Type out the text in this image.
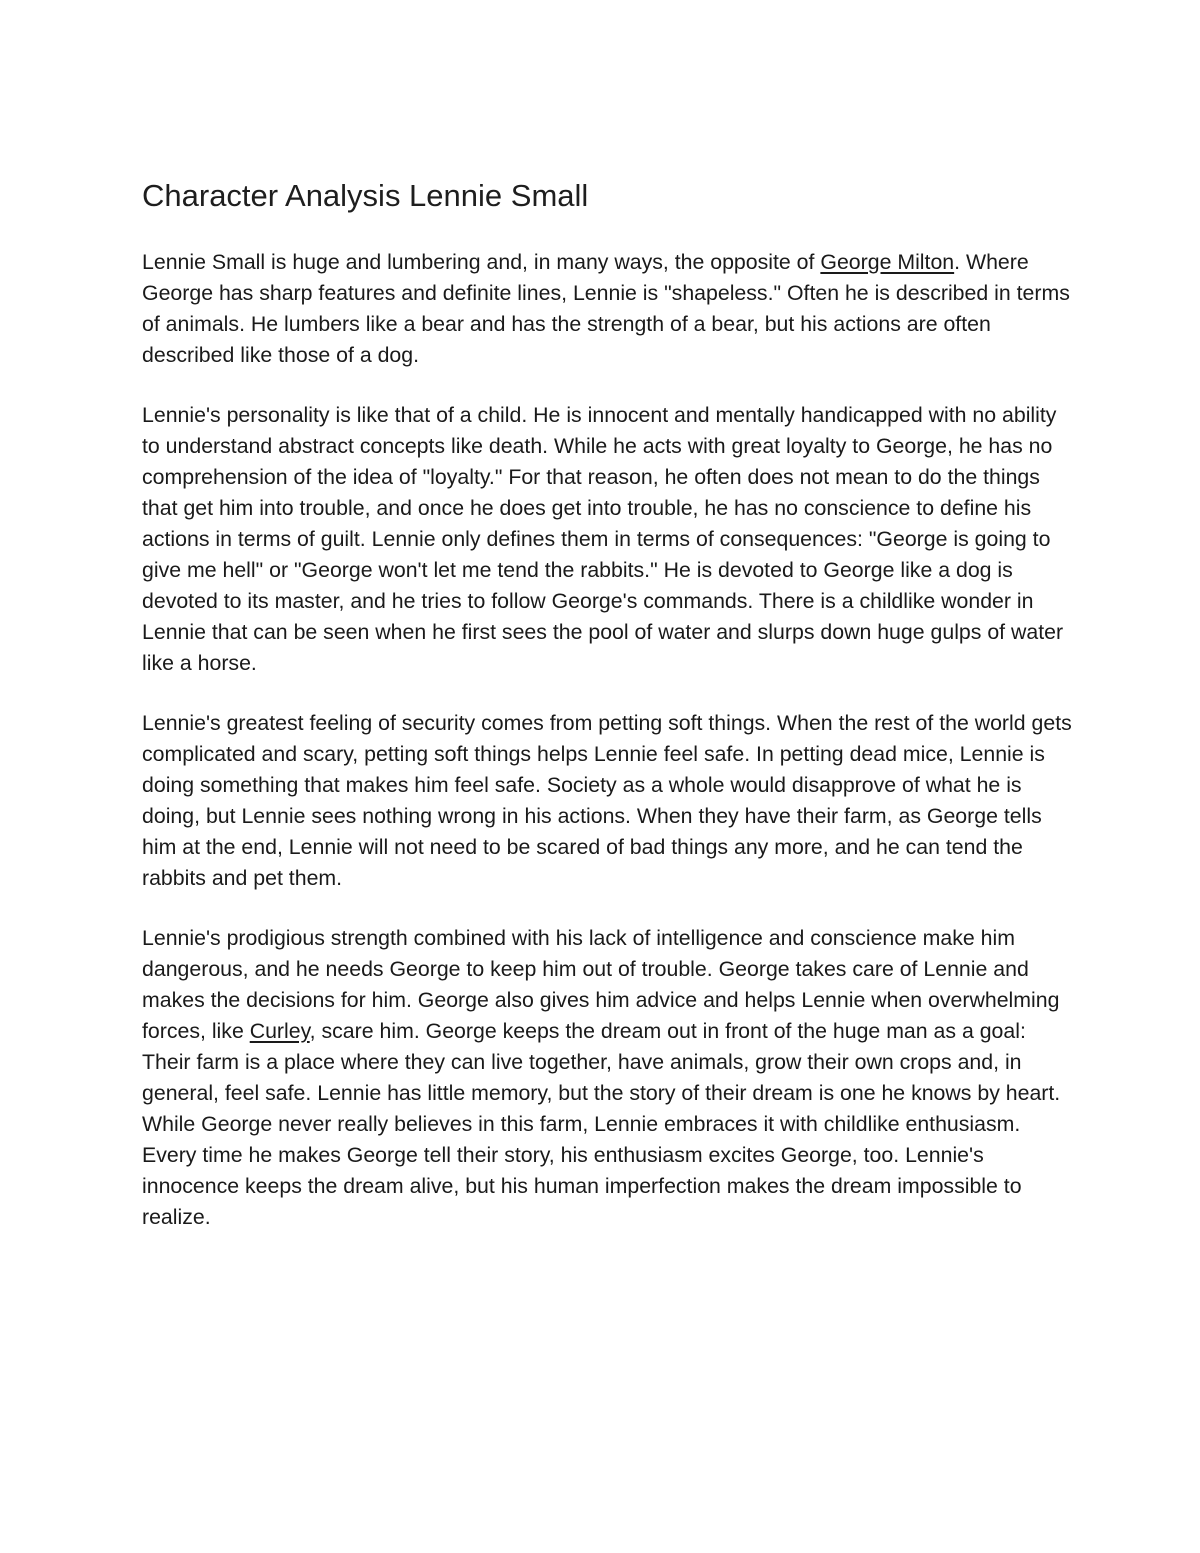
Character Analysis Lennie Small

Lennie Small is huge and lumbering and, in many ways, the opposite of George Milton. Where George has sharp features and definite lines, Lennie is "shapeless." Often he is described in terms of animals. He lumbers like a bear and has the strength of a bear, but his actions are often described like those of a dog.

Lennie's personality is like that of a child. He is innocent and mentally handicapped with no ability to understand abstract concepts like death. While he acts with great loyalty to George, he has no comprehension of the idea of "loyalty." For that reason, he often does not mean to do the things that get him into trouble, and once he does get into trouble, he has no conscience to define his actions in terms of guilt. Lennie only defines them in terms of consequences: "George is going to give me hell" or "George won't let me tend the rabbits." He is devoted to George like a dog is devoted to its master, and he tries to follow George's commands. There is a childlike wonder in Lennie that can be seen when he first sees the pool of water and slurps down huge gulps of water like a horse.

Lennie's greatest feeling of security comes from petting soft things. When the rest of the world gets complicated and scary, petting soft things helps Lennie feel safe. In petting dead mice, Lennie is doing something that makes him feel safe. Society as a whole would disapprove of what he is doing, but Lennie sees nothing wrong in his actions. When they have their farm, as George tells him at the end, Lennie will not need to be scared of bad things any more, and he can tend the rabbits and pet them.

Lennie's prodigious strength combined with his lack of intelligence and conscience make him dangerous, and he needs George to keep him out of trouble. George takes care of Lennie and makes the decisions for him. George also gives him advice and helps Lennie when overwhelming forces, like Curley, scare him. George keeps the dream out in front of the huge man as a goal: Their farm is a place where they can live together, have animals, grow their own crops and, in general, feel safe. Lennie has little memory, but the story of their dream is one he knows by heart. While George never really believes in this farm, Lennie embraces it with childlike enthusiasm. Every time he makes George tell their story, his enthusiasm excites George, too. Lennie's innocence keeps the dream alive, but his human imperfection makes the dream impossible to realize.
